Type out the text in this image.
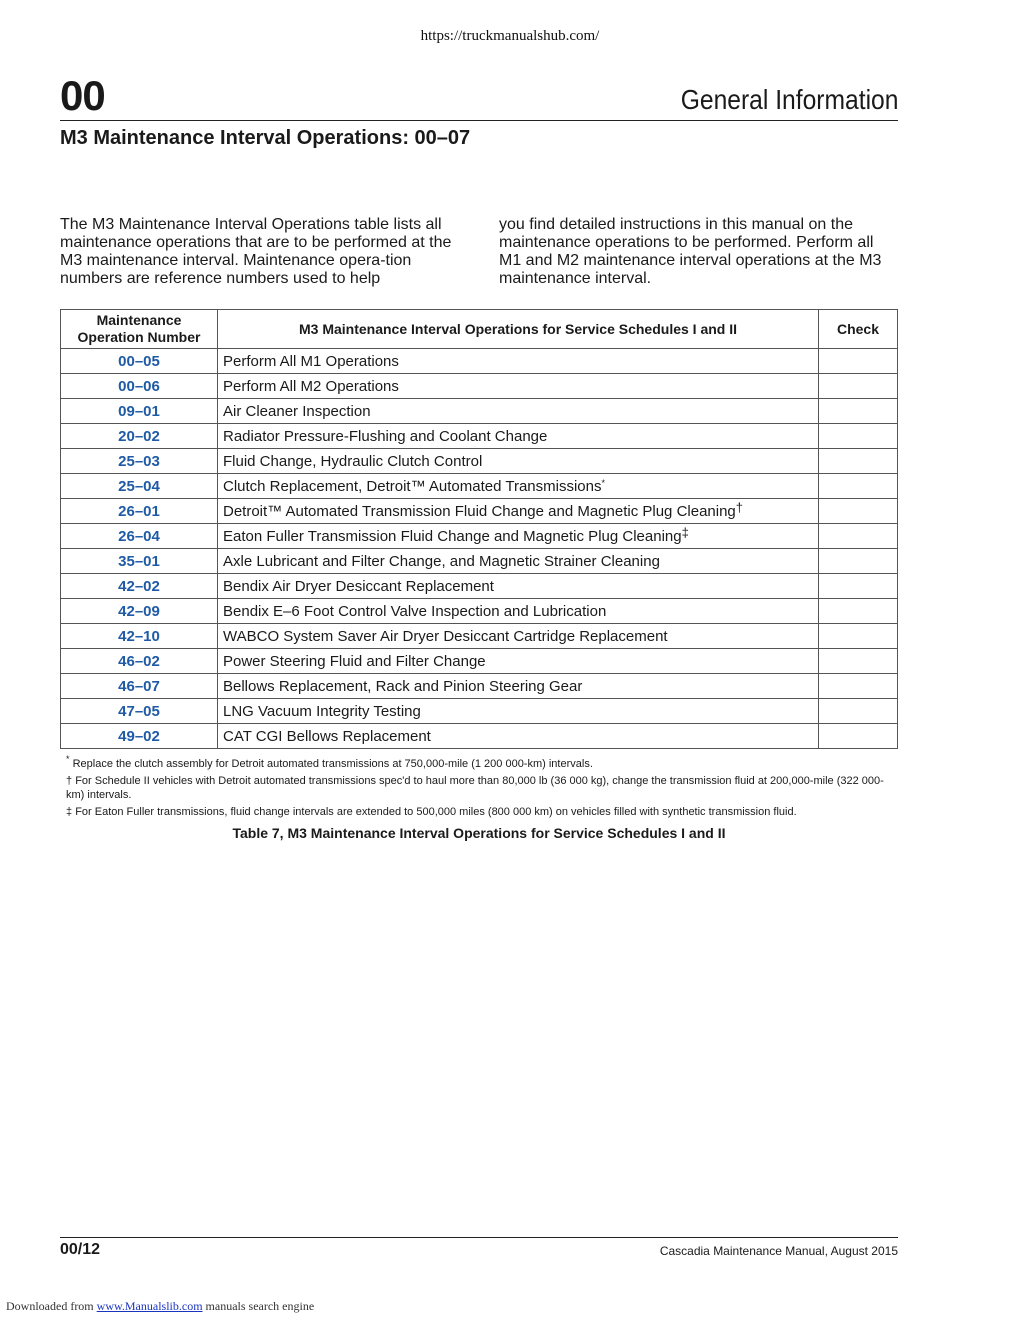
https://truckmanualshub.com/
00	General Information
M3 Maintenance Interval Operations: 00–07
The M3 Maintenance Interval Operations table lists all maintenance operations that are to be performed at the M3 maintenance interval. Maintenance opera-tion numbers are reference numbers used to help
you find detailed instructions in this manual on the maintenance operations to be performed. Perform all M1 and M2 maintenance interval operations at the M3 maintenance interval.
Maintenance
Operation Number	M3 Maintenance Interval Operations for Service Schedules I and II	Check
00–05	Perform All M1 Operations	
00–06	Perform All M2 Operations	
09–01	Air Cleaner Inspection	
20–02	Radiator Pressure-Flushing and Coolant Change	
25–03	Fluid Change, Hydraulic Clutch Control	
25–04	Clutch Replacement, Detroit™ Automated Transmissions*	
26–01	Detroit™ Automated Transmission Fluid Change and Magnetic Plug Cleaning†	
26–04	Eaton Fuller Transmission Fluid Change and Magnetic Plug Cleaning‡	
35–01	Axle Lubricant and Filter Change, and Magnetic Strainer Cleaning	
42–02	Bendix Air Dryer Desiccant Replacement	
42–09	Bendix E–6 Foot Control Valve Inspection and Lubrication	
42–10	WABCO System Saver Air Dryer Desiccant Cartridge Replacement	
46–02	Power Steering Fluid and Filter Change	
46–07	Bellows Replacement, Rack and Pinion Steering Gear	
47–05	LNG Vacuum Integrity Testing	
49–02	CAT CGI Bellows Replacement	
* Replace the clutch assembly for Detroit automated transmissions at 750,000-mile (1 200 000-km) intervals.
† For Schedule II vehicles with Detroit automated transmissions spec'd to haul more than 80,000 lb (36 000 kg), change the transmission fluid at 200,000-mile (322 000-km) intervals.
‡ For Eaton Fuller transmissions, fluid change intervals are extended to 500,000 miles (800 000 km) on vehicles filled with synthetic transmission fluid.
Table 7, M3 Maintenance Interval Operations for Service Schedules I and II
00/12	Cascadia Maintenance Manual, August 2015
Downloaded from www.Manualslib.com manuals search engine
